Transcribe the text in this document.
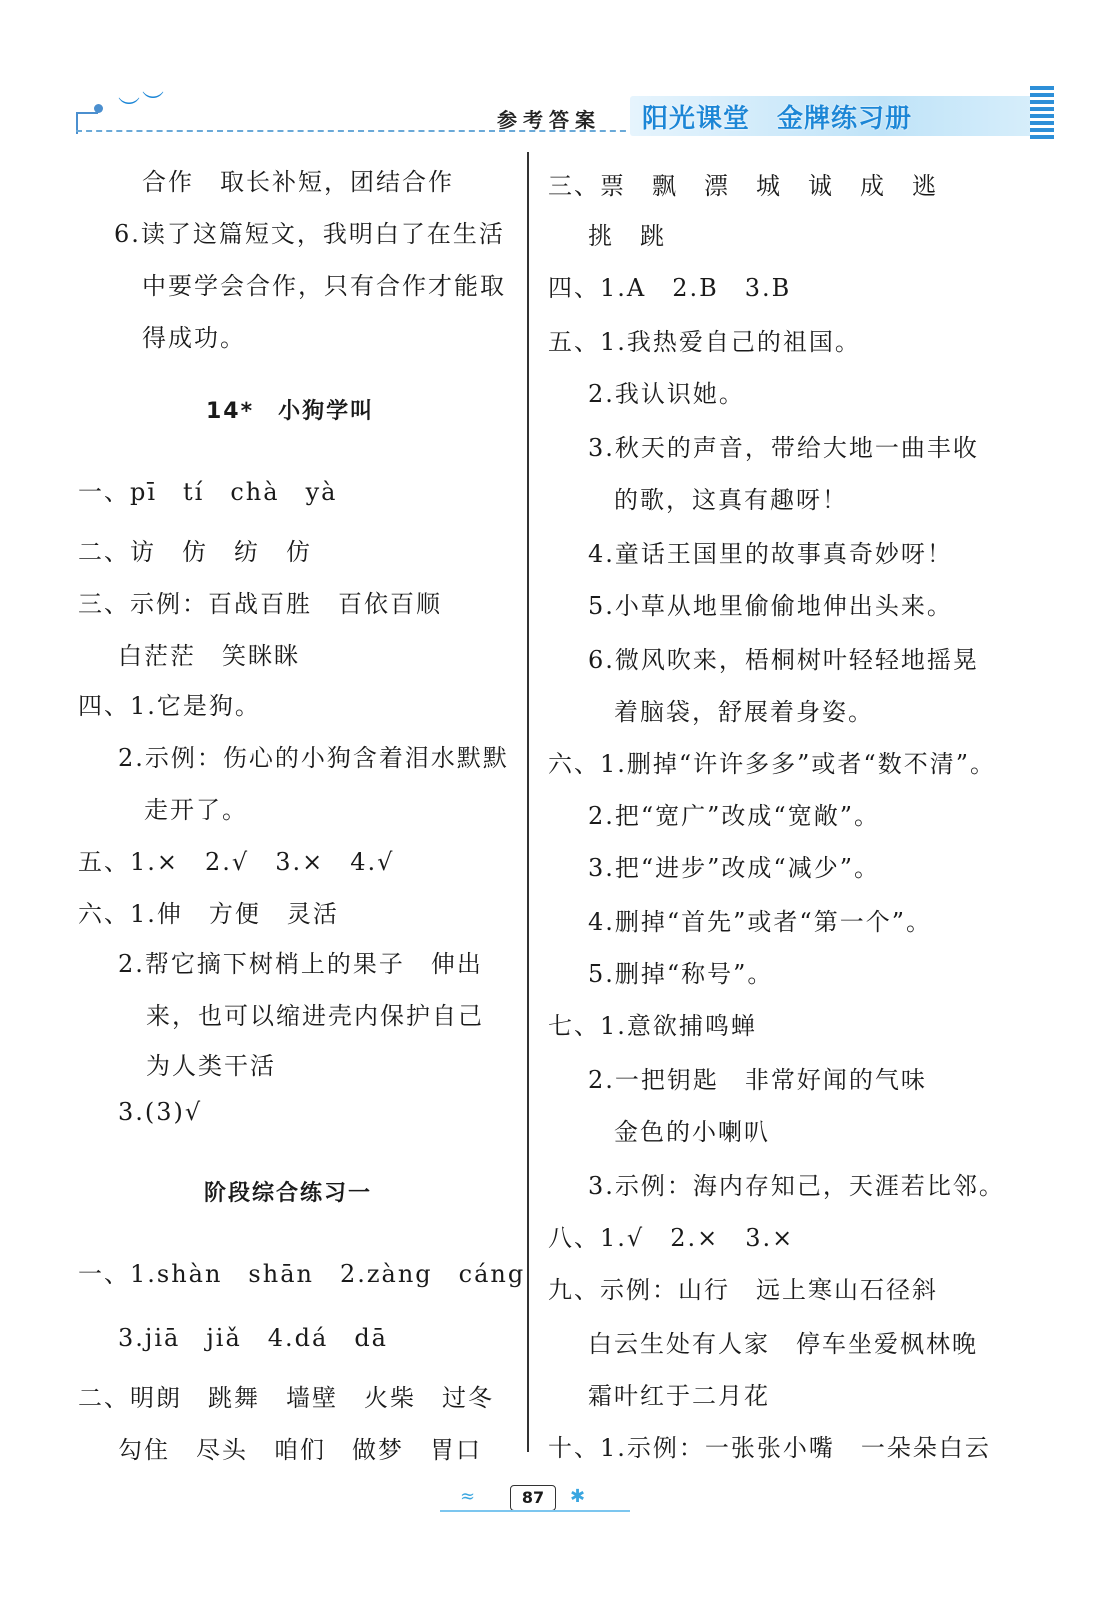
︶ ︶
参考答案 阳光课堂　金牌练习册
合作　取长补短，团结合作
6.读了这篇短文，我明白了在生活
中要学会合作，只有合作才能取
得成功。
14*　小狗学叫
一、pī　tí　chà　yà
二、访　仿　纺　仿
三、示例：百战百胜　百依百顺
白茫茫　笑眯眯
四、1.它是狗。
2.示例：伤心的小狗含着泪水默默
走开了。
五、1.×　2.√　3.×　4.√
六、1.伸　方便　灵活
2.帮它摘下树梢上的果子　伸出
来，也可以缩进壳内保护自己
为人类干活
3.(3)√
阶段综合练习一
一、1.shàn　shān　2.zàng　cáng
3.jiā　jiǎ　4.dá　dā
二、明朗　跳舞　墙壁　火柴　过冬
勾住　尽头　咱们　做梦　胃口
三、票　飘　漂　城　诚　成　逃
挑　跳
四、1.A　2.B　3.B
五、1.我热爱自己的祖国。
2.我认识她。
3.秋天的声音，带给大地一曲丰收
的歌，这真有趣呀！
4.童话王国里的故事真奇妙呀！
5.小草从地里偷偷地伸出头来。
6.微风吹来，梧桐树叶轻轻地摇晃
着脑袋，舒展着身姿。
六、1.删掉“许许多多”或者“数不清”。
2.把“宽广”改成“宽敞”。
3.把“进步”改成“减少”。
4.删掉“首先”或者“第一个”。
5.删掉“称号”。
七、1.意欲捕鸣蝉
2.一把钥匙　非常好闻的气味
金色的小喇叭
3.示例：海内存知己，天涯若比邻。
八、1.√　2.×　3.×
九、示例：山行　远上寒山石径斜
白云生处有人家　停车坐爱枫林晚
霜叶红于二月花
十、1.示例：一张张小嘴　一朵朵白云
≈	87	✱
